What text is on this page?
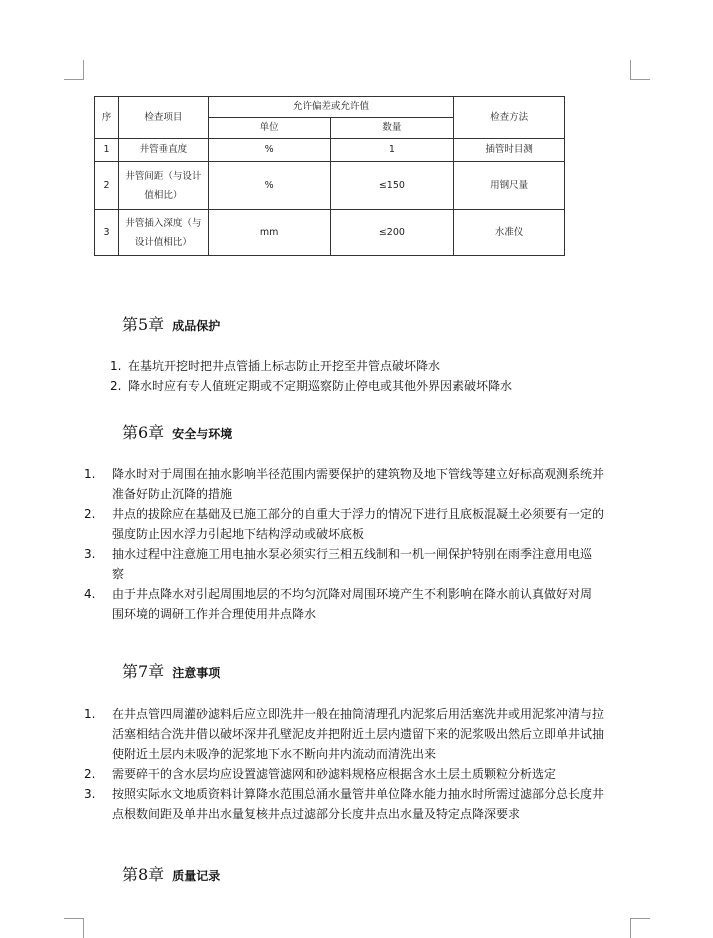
序	检查项目	允许偏差或允许值		检查方法
		单位	数量	
1	井管垂直度	%	1	插管时目测
2	井管间距（与设计
值相比）	%	≤150	用钢尺量
3	井管插入深度（与
设计值相比）	mm	≤200	水准仪
第5章 成品保护
1. 在基坑开挖时把井点管插上标志防止开挖至井管点破坏降水
2. 降水时应有专人值班定期或不定期巡察防止停电或其他外界因素破坏降水
第6章 安全与环境
1. 降水时对于周围在抽水影响半径范围内需要保护的建筑物及地下管线等建立好标高观测系统并
准备好防止沉降的措施
2. 井点的拔除应在基础及已施工部分的自重大于浮力的情况下进行且底板混凝土必须要有一定的
强度防止因水浮力引起地下结构浮动或破坏底板
3. 抽水过程中注意施工用电抽水泵必须实行三相五线制和一机一闸保护特别在雨季注意用电巡
察
4. 由于井点降水对引起周围地层的不均匀沉降对周围环境产生不利影响在降水前认真做好对周
围环境的调研工作并合理使用井点降水
第7章 注意事项
1. 在井点管四周灌砂滤料后应立即洗井一般在抽筒清理孔内泥浆后用活塞洗井或用泥浆冲清与拉
活塞相结合洗井借以破坏深井孔壁泥皮并把附近土层内遗留下来的泥浆吸出然后立即单井试抽
使附近土层内未吸净的泥浆地下水不断向井内流动而清洗出来
2. 需要碎干的含水层均应设置滤管滤网和砂滤料规格应根据含水土层土质颗粒分析选定
3. 按照实际水文地质资料计算降水范围总涌水量管井单位降水能力抽水时所需过滤部分总长度井
点根数间距及单井出水量复核井点过滤部分长度井点出水量及特定点降深要求
第8章 质量记录
